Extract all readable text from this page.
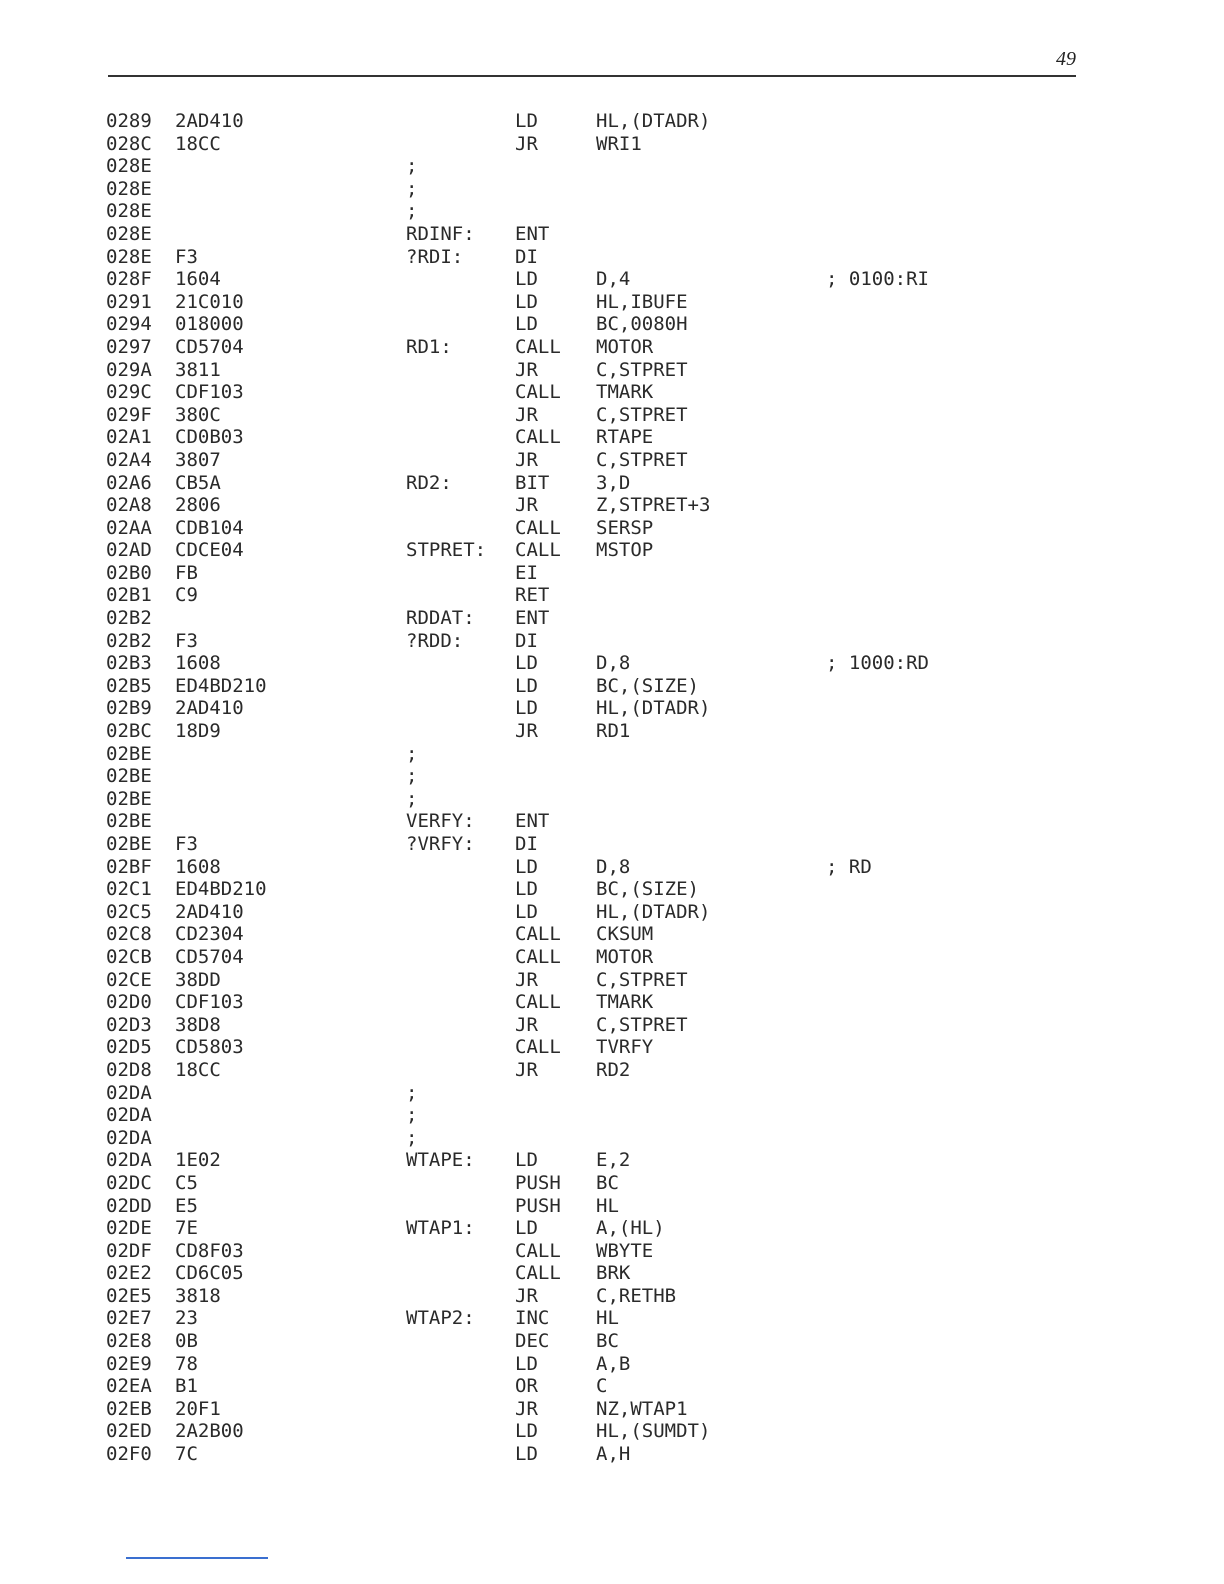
49
0289 2AD410	LD	HL,(DTADR)
028C 18CC	JR	WRI1
028E	;
028E	;
028E	;
028E	RDINF: ENT
028E F3	?RDI:	DI
028F 1604	LD	D,4	; 0100:RI
0291 21C010	LD	HL,IBUFE
0294 018000	LD	BC,0080H
0297 CD5704	RD1:	CALL MOTOR
029A 3811	JR	C,STPRET
029C CDF103	CALL TMARK
029F 380C	JR	C,STPRET
02A1 CD0B03	CALL RTAPE
02A4 3807	JR	C,STPRET
02A6 CB5A	RD2:	BIT 3,D
02A8 2806	JR	Z,STPRET+3
02AA CDB104	CALL SERSP
02AD CDCE04	STPRET: CALL MSTOP
02B0 FB	EI
02B1 C9	RET
02B2	RDDAT: ENT
02B2 F3	?RDD:	DI
02B3 1608	LD	D,8	; 1000:RD
02B5 ED4BD210	LD	BC,(SIZE)
02B9 2AD410	LD	HL,(DTADR)
02BC 18D9	JR	RD1
02BE	;
02BE	;
02BE	;
02BE	VERFY: ENT
02BE F3	?VRFY: DI
02BF 1608	LD	D,8	; RD
02C1 ED4BD210	LD	BC,(SIZE)
02C5 2AD410	LD	HL,(DTADR)
02C8 CD2304	CALL CKSUM
02CB CD5704	CALL MOTOR
02CE 38DD	JR	C,STPRET
02D0 CDF103	CALL TMARK
02D3 38D8	JR	C,STPRET
02D5 CD5803	CALL TVRFY
02D8 18CC	JR	RD2
02DA	;
02DA	;
02DA	;
02DA 1E02	WTAPE: LD	E,2
02DC C5	PUSH BC
02DD E5	PUSH HL
02DE 7E	WTAP1: LD	A,(HL)
02DF CD8F03	CALL WBYTE
02E2 CD6C05	CALL BRK
02E5 3818	JR	C,RETHB
02E7 23	WTAP2: INC HL
02E8 0B	DEC BC
02E9 78	LD	A,B
02EA B1	OR	C
02EB 20F1	JR	NZ,WTAP1
02ED 2A2B00	LD	HL,(SUMDT)
02F0 7C	LD	A,H
